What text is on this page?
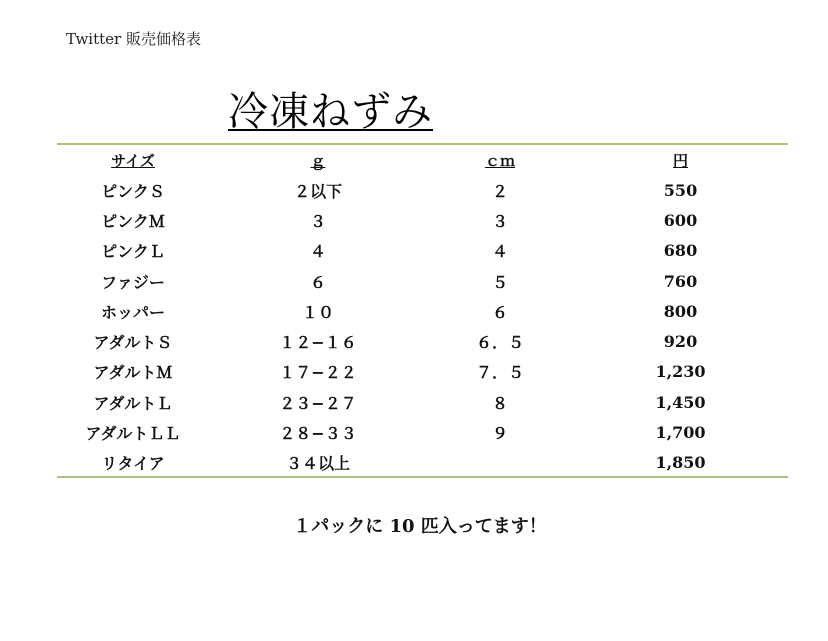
Twitter 販売価格表
冷凍ねずみ
サイズ	ｇ	ｃｍ	円
ピンクＳ	２以下	２	550
ピンクＭ	３	３	600
ピンクＬ	４	４	680
ファジー	６	５	760
ホッパー	１０	６	800
アダルトＳ	１２−１６	６．５	920
アダルトＭ	１７−２２	７．５	1,230
アダルトＬ	２３−２７	８	1,450
アダルトＬＬ	２８−３３	９	1,700
リタイア	３４以上		1,850
１パックに 10 匹入ってます！
